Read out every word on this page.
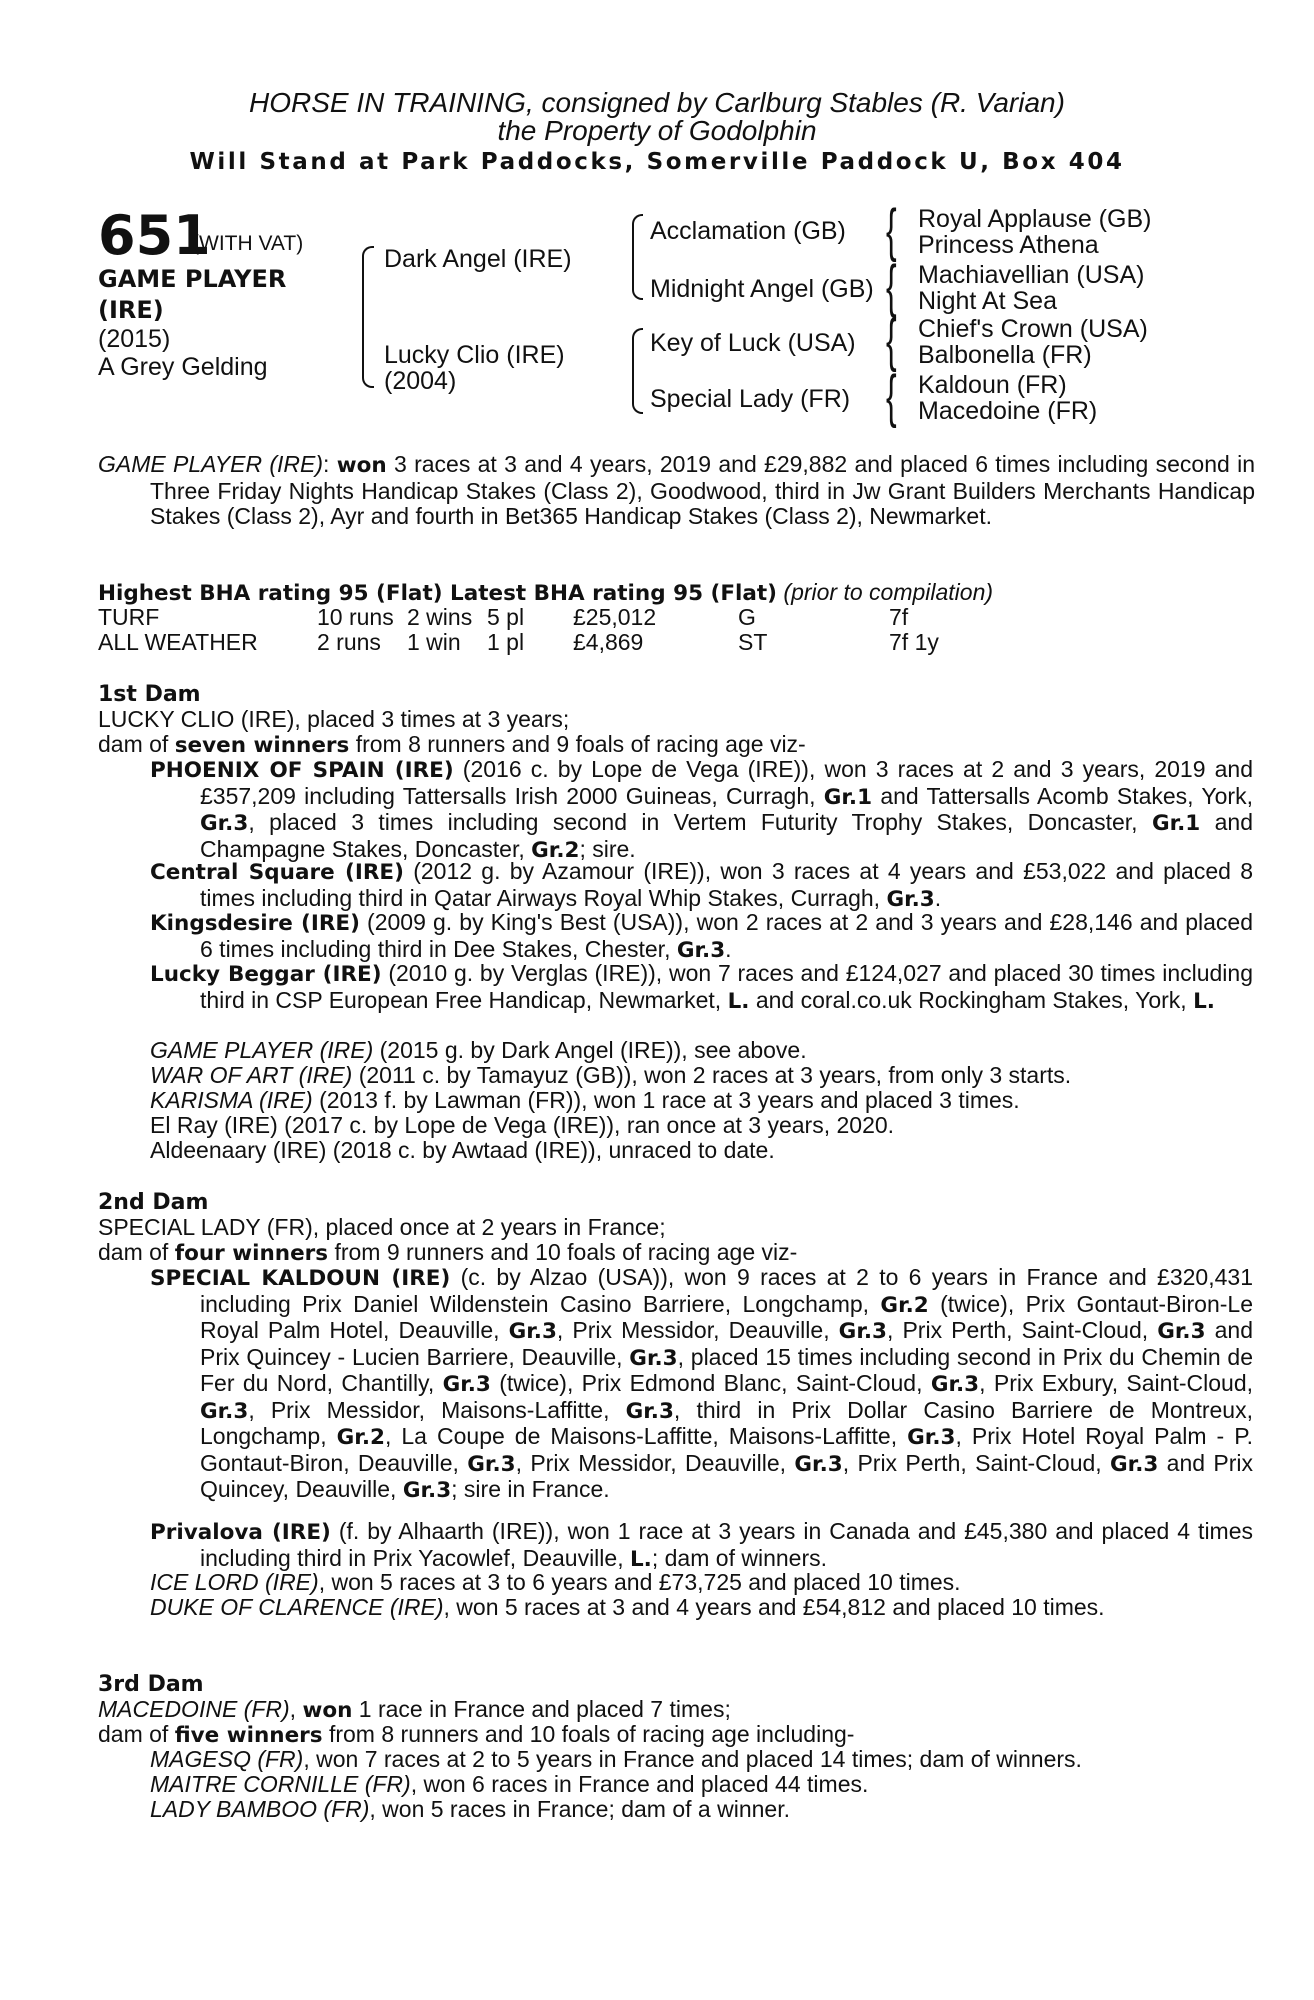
HORSE IN TRAINING, consigned by Carlburg Stables (R. Varian)
the Property of Godolphin
Will Stand at Park Paddocks, Somerville Paddock U, Box 404
651
(WITH VAT)
GAME PLAYER
(IRE)
(2015)
A Grey Gelding
Dark Angel (IRE)
Lucky Clio (IRE)
(2004)
Acclamation (GB)
Midnight Angel (GB)
Key of Luck (USA)
Special Lady (FR)
{ Royal Applause (GB)
Princess Athena
{ Machiavellian (USA)
Night At Sea
{ Chief's Crown (USA)
Balbonella (FR)
{ Kaldoun (FR)
Macedoine (FR)
GAME PLAYER (IRE): won 3 races at 3 and 4 years, 2019 and £29,882 and placed 6 times including second in Three Friday Nights Handicap Stakes (Class 2), Goodwood, third in Jw Grant Builders Merchants Handicap Stakes (Class 2), Ayr and fourth in Bet365 Handicap Stakes (Class 2), Newmarket.
Highest BHA rating 95 (Flat) Latest BHA rating 95 (Flat) (prior to compilation)
TURF	10 runs 2 wins 5 pl £25,012	G	7f
ALL WEATHER	2 runs 1 win 1 pl £4,869	ST	7f 1y
1st Dam
LUCKY CLIO (IRE), placed 3 times at 3 years;
dam of seven winners from 8 runners and 9 foals of racing age viz-
PHOENIX OF SPAIN (IRE) (2016 c. by Lope de Vega (IRE)), won 3 races at 2 and 3 years, 2019 and £357,209 including Tattersalls Irish 2000 Guineas, Curragh, Gr.1 and Tattersalls Acomb Stakes, York, Gr.3, placed 3 times including second in Vertem Futurity Trophy Stakes, Doncaster, Gr.1 and Champagne Stakes, Doncaster, Gr.2; sire.
Central Square (IRE) (2012 g. by Azamour (IRE)), won 3 races at 4 years and £53,022 and placed 8 times including third in Qatar Airways Royal Whip Stakes, Curragh, Gr.3.
Kingsdesire (IRE) (2009 g. by King's Best (USA)), won 2 races at 2 and 3 years and £28,146 and placed 6 times including third in Dee Stakes, Chester, Gr.3.
Lucky Beggar (IRE) (2010 g. by Verglas (IRE)), won 7 races and £124,027 and placed 30 times including third in CSP European Free Handicap, Newmarket, L. and coral.co.uk Rockingham Stakes, York, L.
GAME PLAYER (IRE) (2015 g. by Dark Angel (IRE)), see above.
WAR OF ART (IRE) (2011 c. by Tamayuz (GB)), won 2 races at 3 years, from only 3 starts.
KARISMA (IRE) (2013 f. by Lawman (FR)), won 1 race at 3 years and placed 3 times.
El Ray (IRE) (2017 c. by Lope de Vega (IRE)), ran once at 3 years, 2020.
Aldeenaary (IRE) (2018 c. by Awtaad (IRE)), unraced to date.
2nd Dam
SPECIAL LADY (FR), placed once at 2 years in France;
dam of four winners from 9 runners and 10 foals of racing age viz-
SPECIAL KALDOUN (IRE) (c. by Alzao (USA)), won 9 races at 2 to 6 years in France and £320,431 including Prix Daniel Wildenstein Casino Barriere, Longchamp, Gr.2 (twice), Prix Gontaut-Biron-Le Royal Palm Hotel, Deauville, Gr.3, Prix Messidor, Deauville, Gr.3, Prix Perth, Saint-Cloud, Gr.3 and Prix Quincey - Lucien Barriere, Deauville, Gr.3, placed 15 times including second in Prix du Chemin de Fer du Nord, Chantilly, Gr.3 (twice), Prix Edmond Blanc, Saint-Cloud, Gr.3, Prix Exbury, Saint-Cloud, Gr.3, Prix Messidor, Maisons-Laffitte, Gr.3, third in Prix Dollar Casino Barriere de Montreux, Longchamp, Gr.2, La Coupe de Maisons-Laffitte, Maisons-Laffitte, Gr.3, Prix Hotel Royal Palm - P. Gontaut-Biron, Deauville, Gr.3, Prix Messidor, Deauville, Gr.3, Prix Perth, Saint-Cloud, Gr.3 and Prix Quincey, Deauville, Gr.3; sire in France.
Privalova (IRE) (f. by Alhaarth (IRE)), won 1 race at 3 years in Canada and £45,380 and placed 4 times including third in Prix Yacowlef, Deauville, L.; dam of winners.
ICE LORD (IRE), won 5 races at 3 to 6 years and £73,725 and placed 10 times.
DUKE OF CLARENCE (IRE), won 5 races at 3 and 4 years and £54,812 and placed 10 times.
3rd Dam
MACEDOINE (FR), won 1 race in France and placed 7 times;
dam of five winners from 8 runners and 10 foals of racing age including-
MAGESQ (FR), won 7 races at 2 to 5 years in France and placed 14 times; dam of winners.
MAITRE CORNILLE (FR), won 6 races in France and placed 44 times.
LADY BAMBOO (FR), won 5 races in France; dam of a winner.
